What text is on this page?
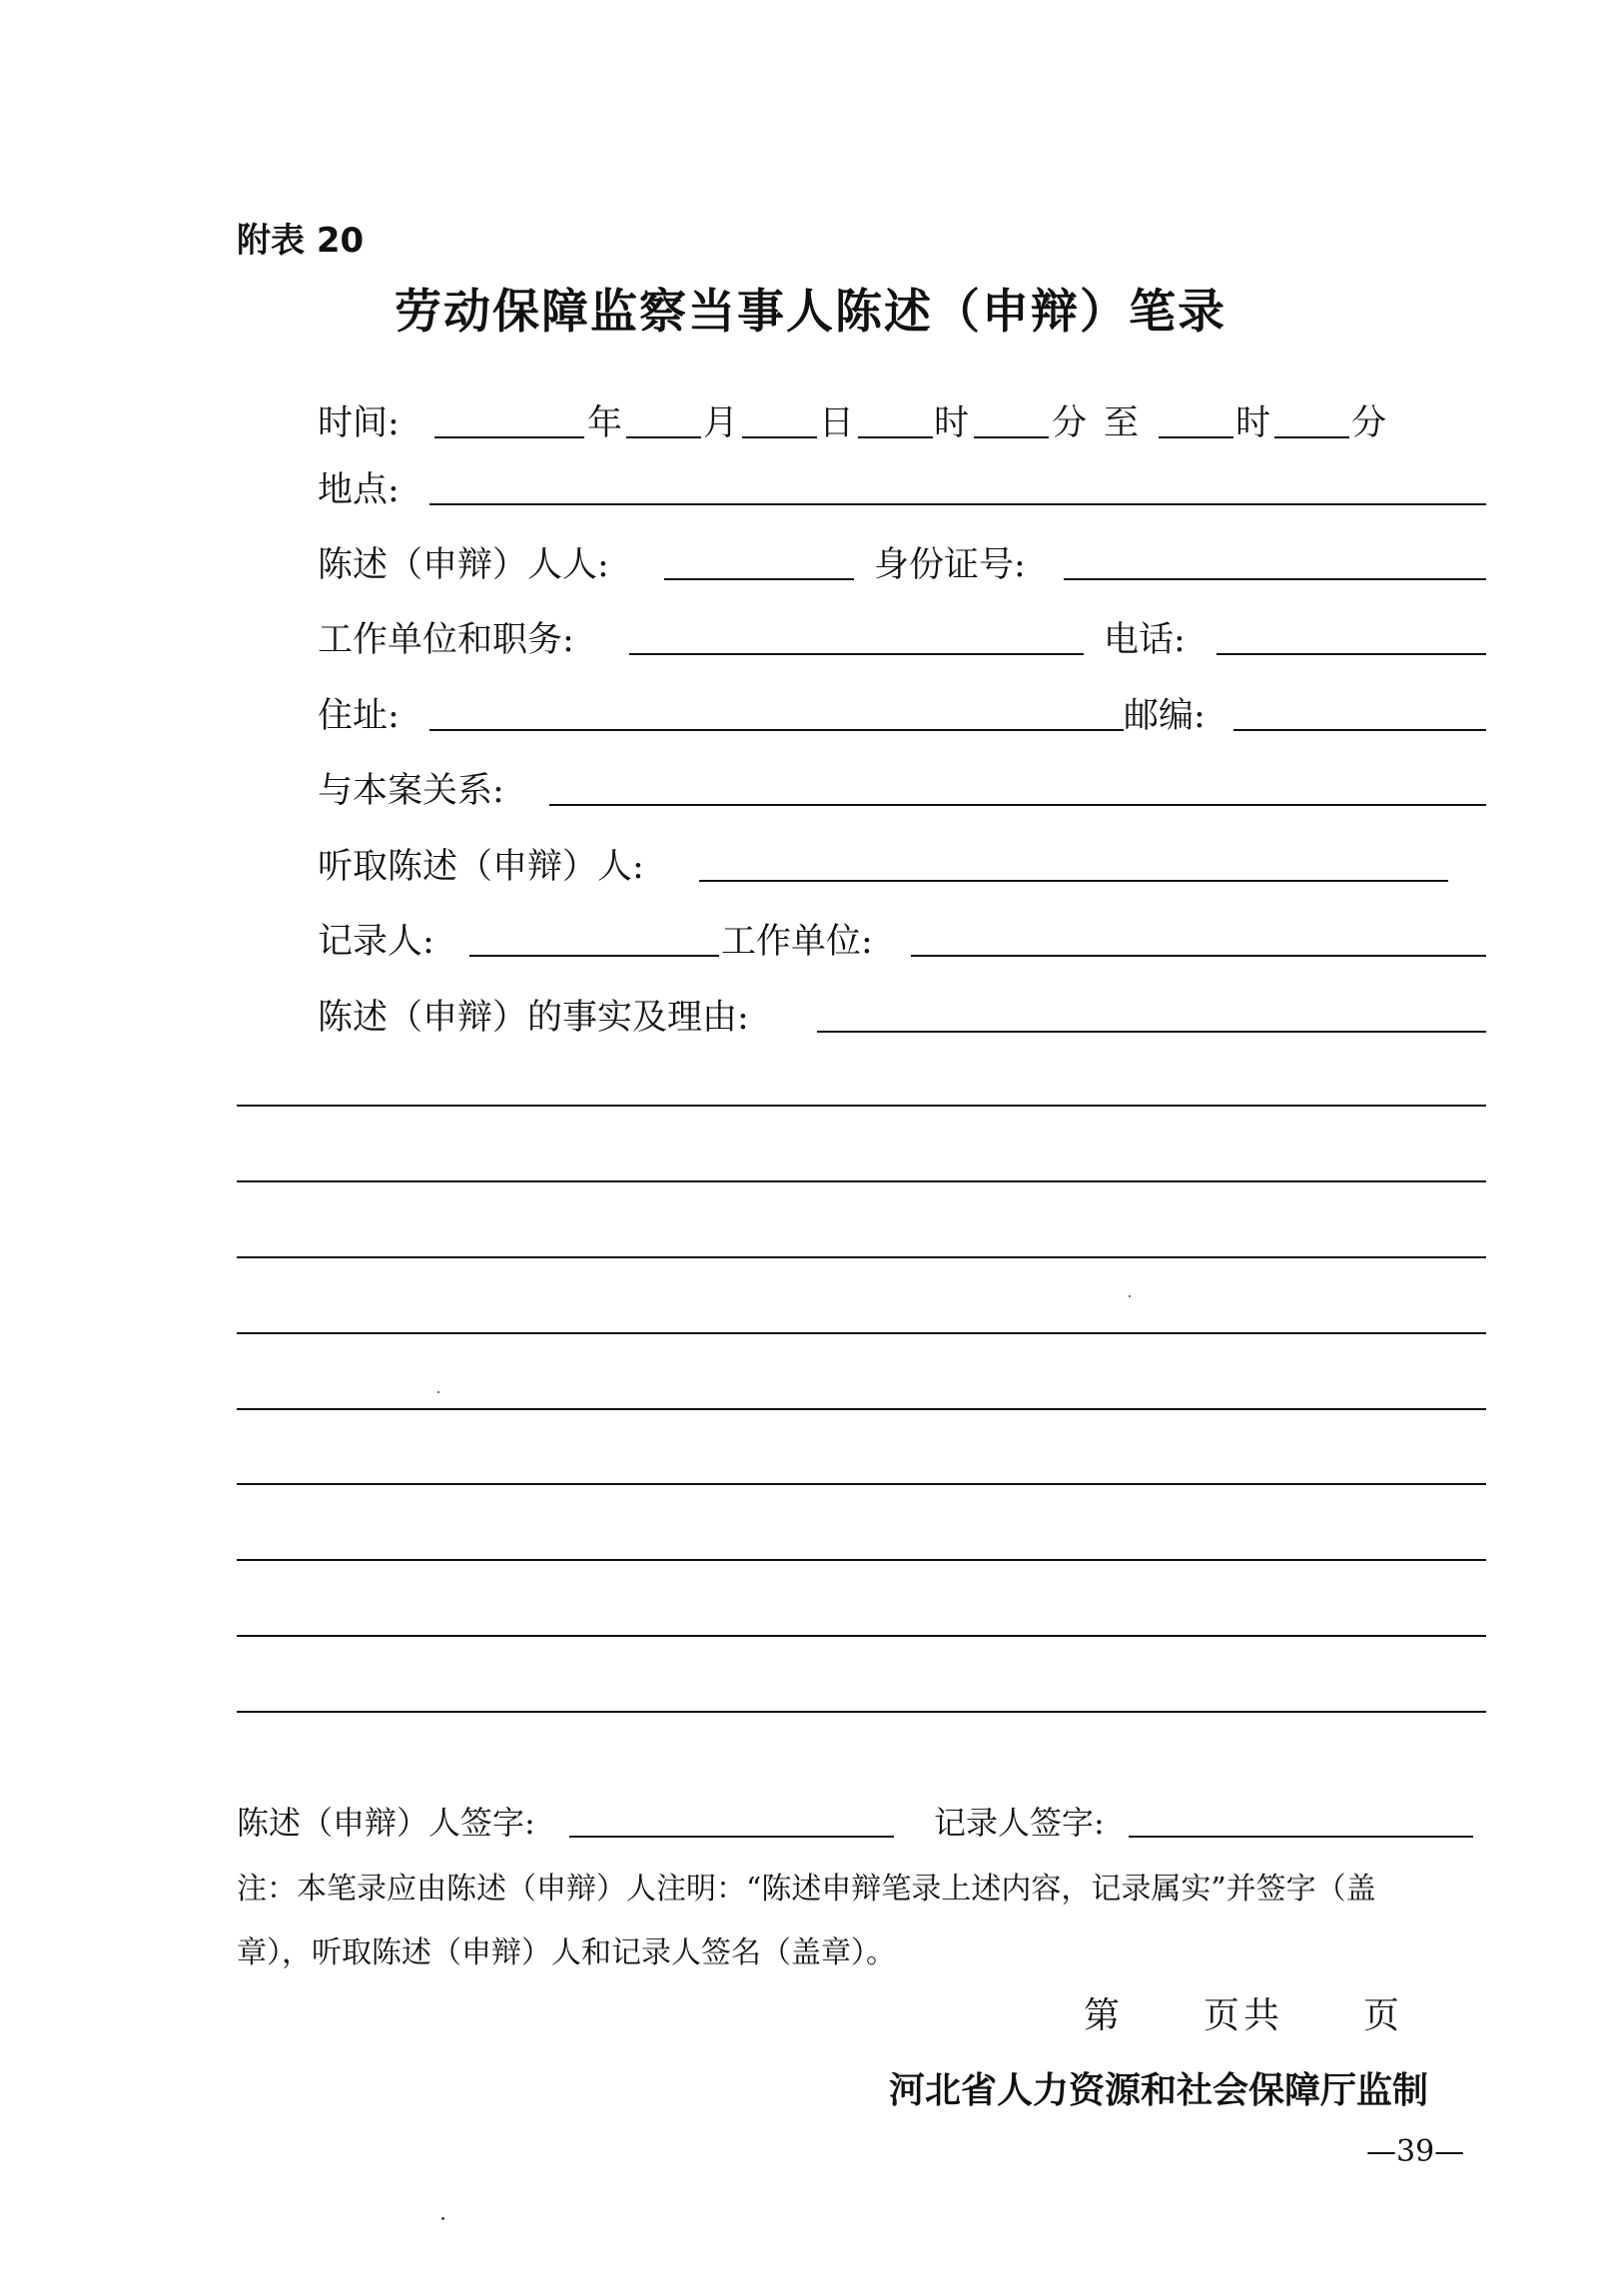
附表 20
劳动保障监察当事人陈述（申辩）笔录
时间:	年 月 日 时 分 至	时 分
地点:
陈述（申辩）人人:	身份证号:
工作单位和职务:	电话:
住址:	邮编:
与本案关系:
听取陈述（申辩）人:
记录人:	工作单位:
陈述（申辩）的事实及理由:
陈述（申辩）人签字:	记录人签字:
注：本笔录应由陈述（申辩）人注明：“陈述申辩笔录上述内容，记录属实”并签字（盖
章），听取陈述（申辩）人和记录人签名（盖章）。
第　　页共　　页
河北省人力资源和社会保障厅监制
—39—
